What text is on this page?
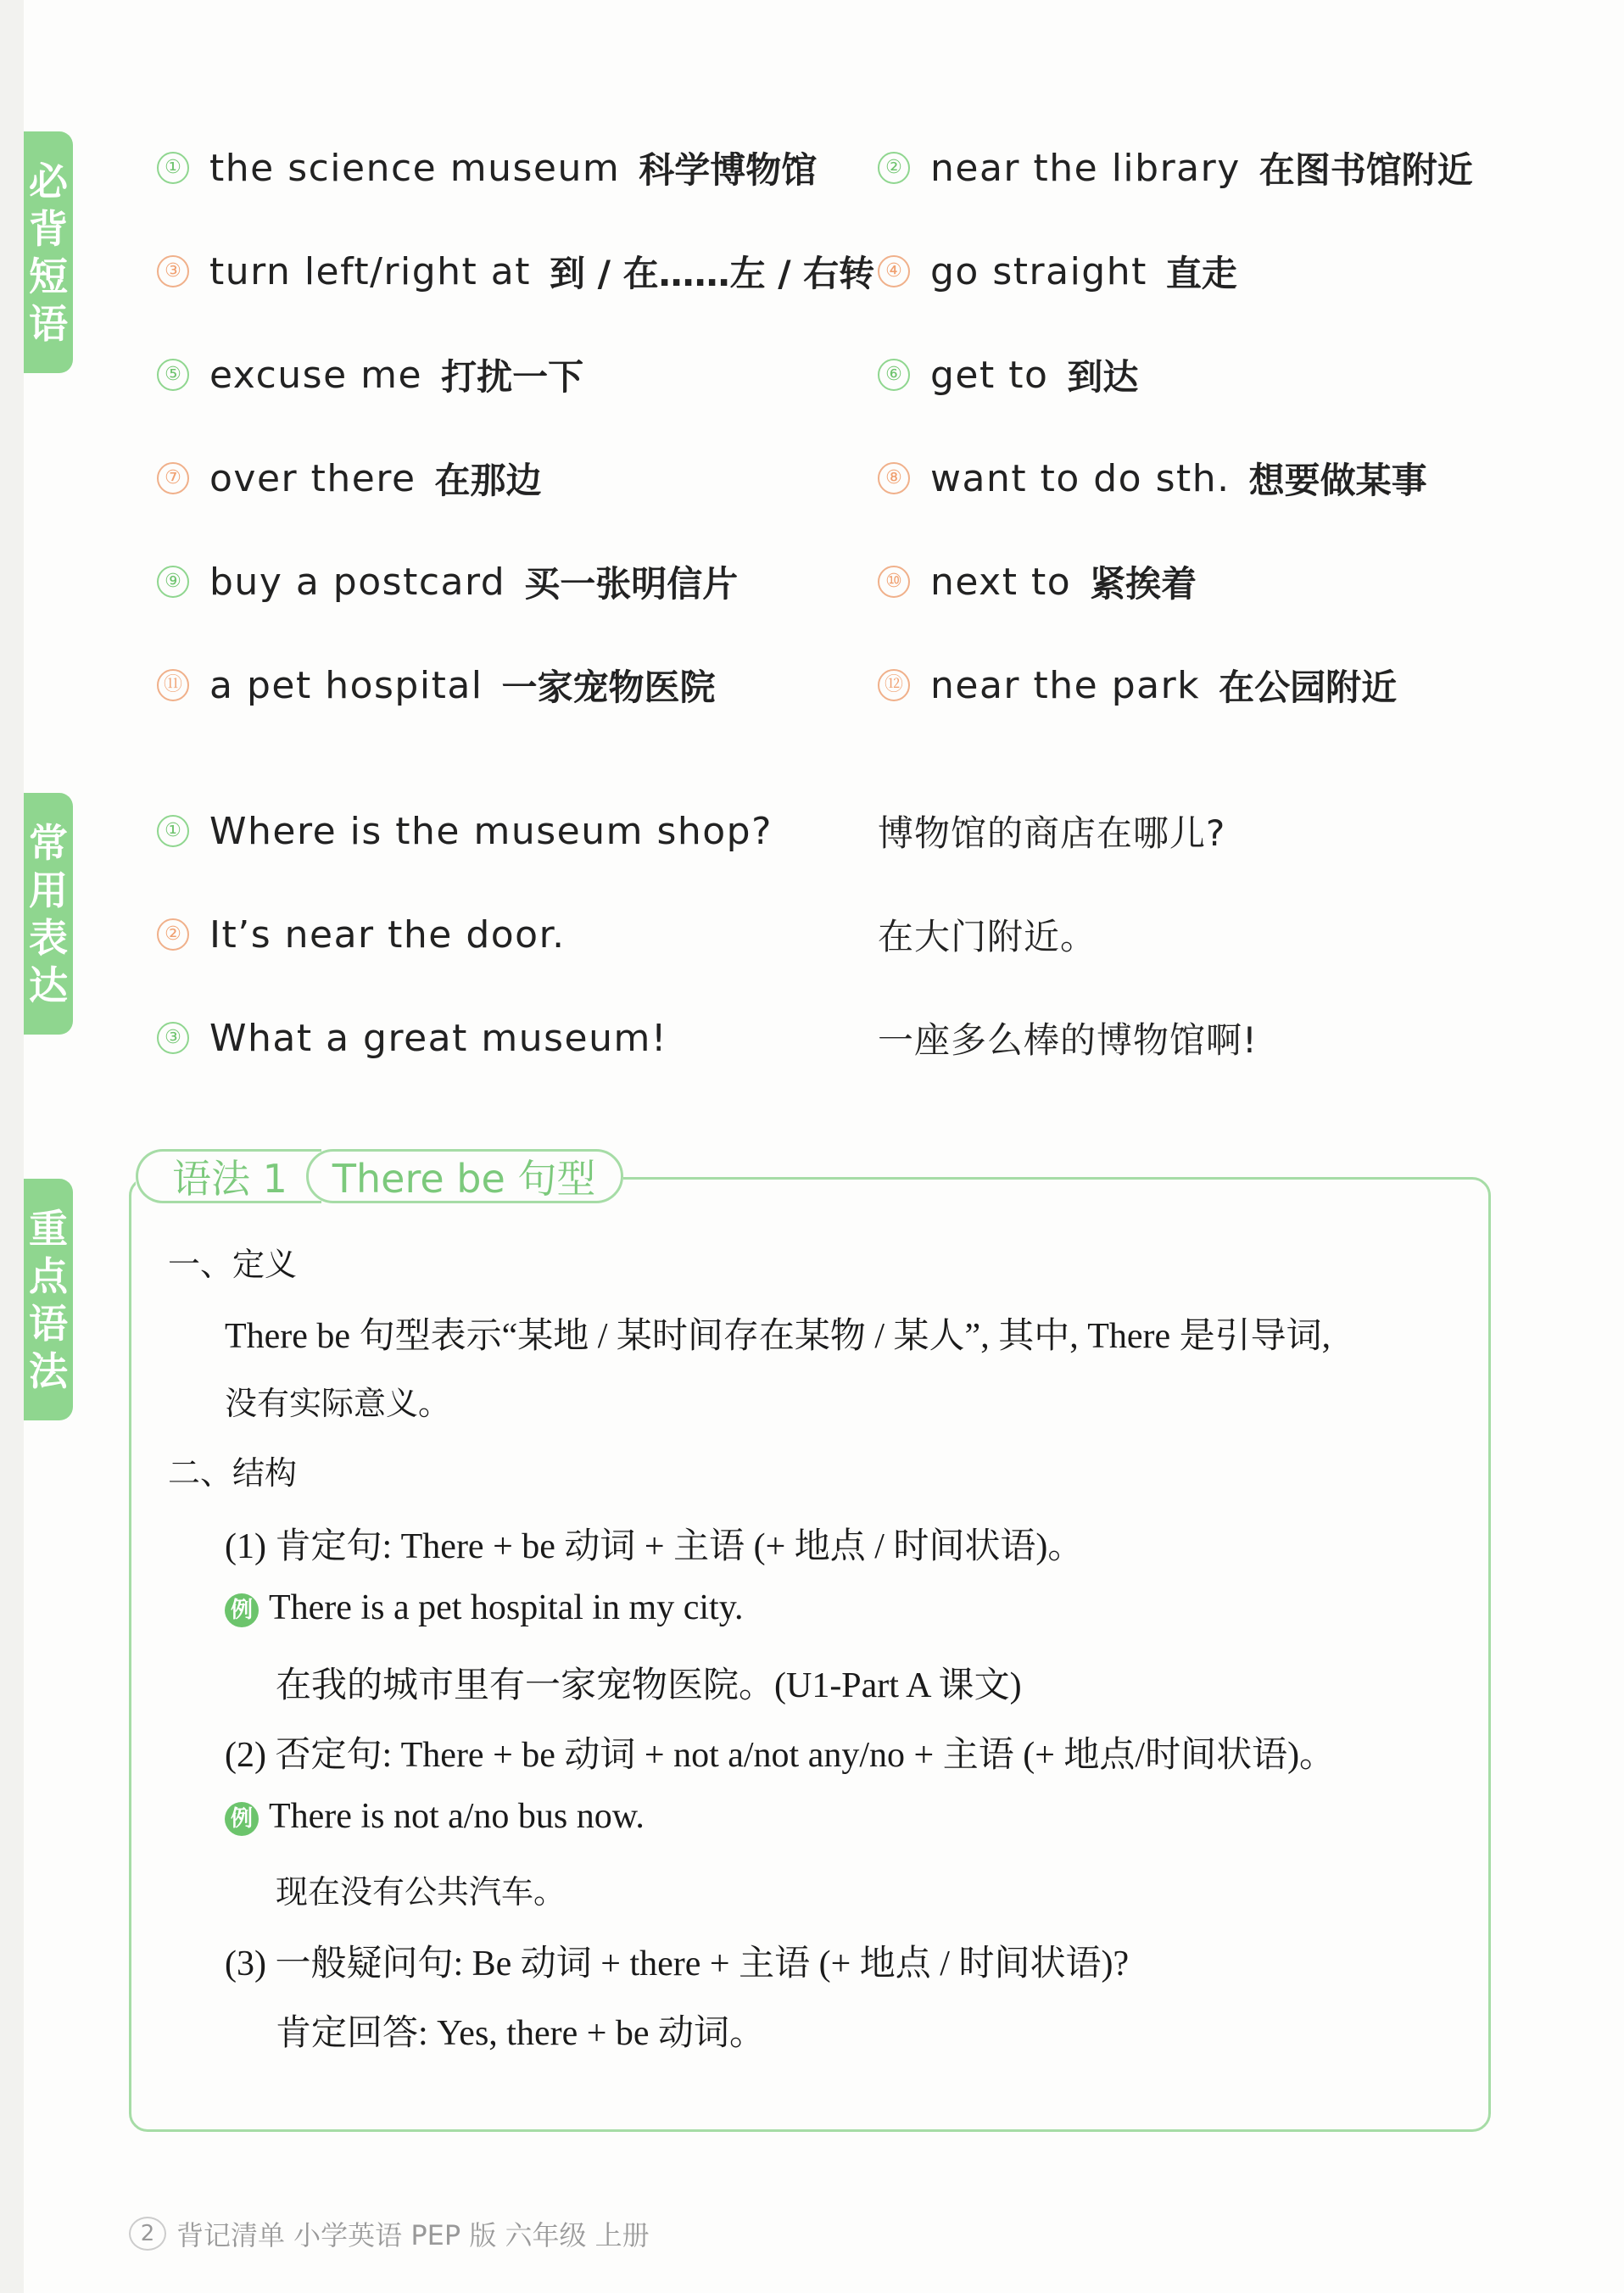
必
背
短
语
常
用
表
达
重
点
语
法
① the science museum 科学博物馆	② near the library 在图书馆附近
③ turn left/right at 到 / 在……左 / 右转 ④ go straight 直走
⑤ excuse me 打扰一下	⑥ get to 到达
⑦ over there 在那边	⑧ want to do sth. 想要做某事
⑨ buy a postcard 买一张明信片	⑩ next to 紧挨着
⑪ a pet hospital 一家宠物医院	⑫ near the park 在公园附近
① Where is the museum shop?	博物馆的商店在哪儿?
② It’s near the door.	在大门附近。
③ What a great museum!	一座多么棒的博物馆啊!
语法 1	There be 句型
一、定义
There be 句型表示“某地 / 某时间存在某物 / 某人”, 其中, There 是引导词,
没有实际意义。
二、结构
(1) 肯定句: There + be 动词 + 主语 (+ 地点 / 时间状语)。
例 There is a pet hospital in my city.
在我的城市里有一家宠物医院。(U1-Part A 课文)
(2) 否定句: There + be 动词 + not a/not any/no + 主语 (+ 地点/时间状语)。
例 There is not a/no bus now.
现在没有公共汽车。
(3) 一般疑问句: Be 动词 + there + 主语 (+ 地点 / 时间状语)?
肯定回答: Yes, there + be 动词。
2 背记清单 小学英语 PEP 版 六年级 上册
